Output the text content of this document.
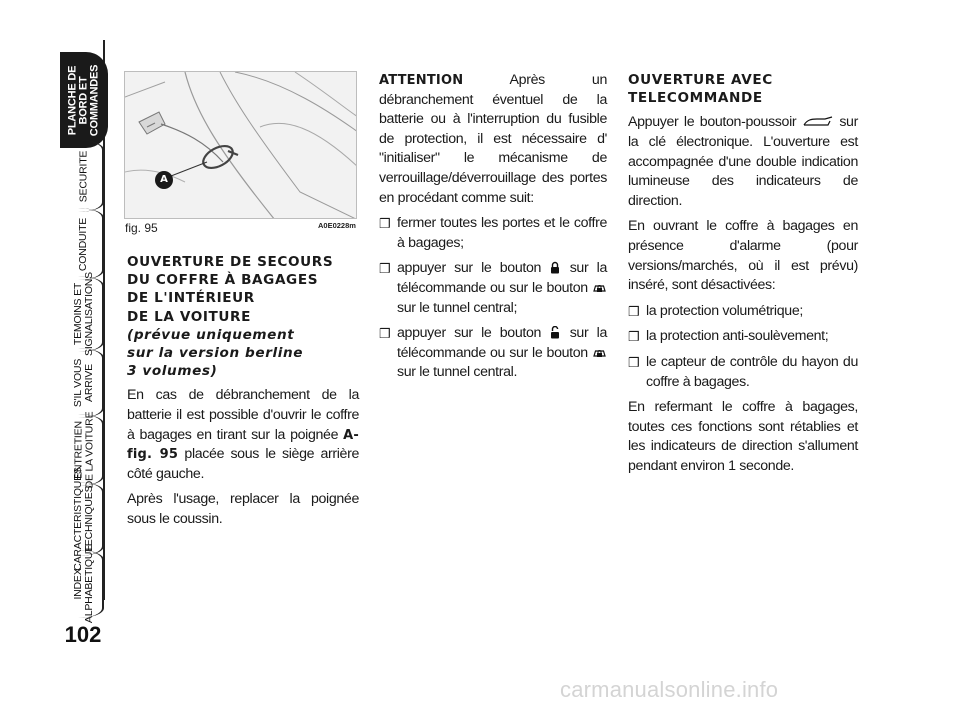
PLANCHE DE BORD ET COMMANDES
SECURITE
CONDUITE
TEMOINS ET SIGNALISATIONS
S'IL VOUS ARRIVE
ENTRETIEN DE LA VOITURE
CARACTERISTIQUES TECHNIQUES
INDEX ALPHABETIQUE
102
A
fig. 95	A0E0228m
OUVERTURE DE SECOURS
DU COFFRE À BAGAGES
DE L'INTÉRIEUR
DE LA VOITURE
(prévue uniquement
sur la version berline
3 volumes)

En cas de débranchement de la batterie il est possible d'ouvrir le coffre à bagages en tirant sur la poignée A-fig. 95 placée sous le siège arrière côté gauche.

Après l'usage, replacer la poignée sous le coussin.

ATTENTION Après un débranchement éventuel de la batterie ou à l'interruption du fusible de protection, il est nécessaire d' "initialiser" le mécanisme de verrouillage/déverrouillage des portes en procédant comme suit:

❒ fermer toutes les portes et le coffre à bagages;
❒ appuyer sur le bouton  sur la télécommande ou sur le bouton  sur le tunnel central;
❒ appuyer sur le bouton  sur la télécommande ou sur le bouton  sur le tunnel central.
OUVERTURE AVEC
TELECOMMANDE

Appuyer le bouton-poussoir  sur la clé électronique. L'ouverture est accompagnée d'une double indication lumineuse des indicateurs de direction.

En ouvrant le coffre à bagages en présence d'alarme (pour versions/marchés, où il est prévu) inséré, sont désactivées:

❒ la protection volumétrique;
❒ la protection anti-soulèvement;
❒ le capteur de contrôle du hayon du coffre à bagages.

En refermant le coffre à bagages, toutes ces fonctions sont rétablies et les indicateurs de direction s'allument pendant environ 1 seconde.

carmanualsonline.info
